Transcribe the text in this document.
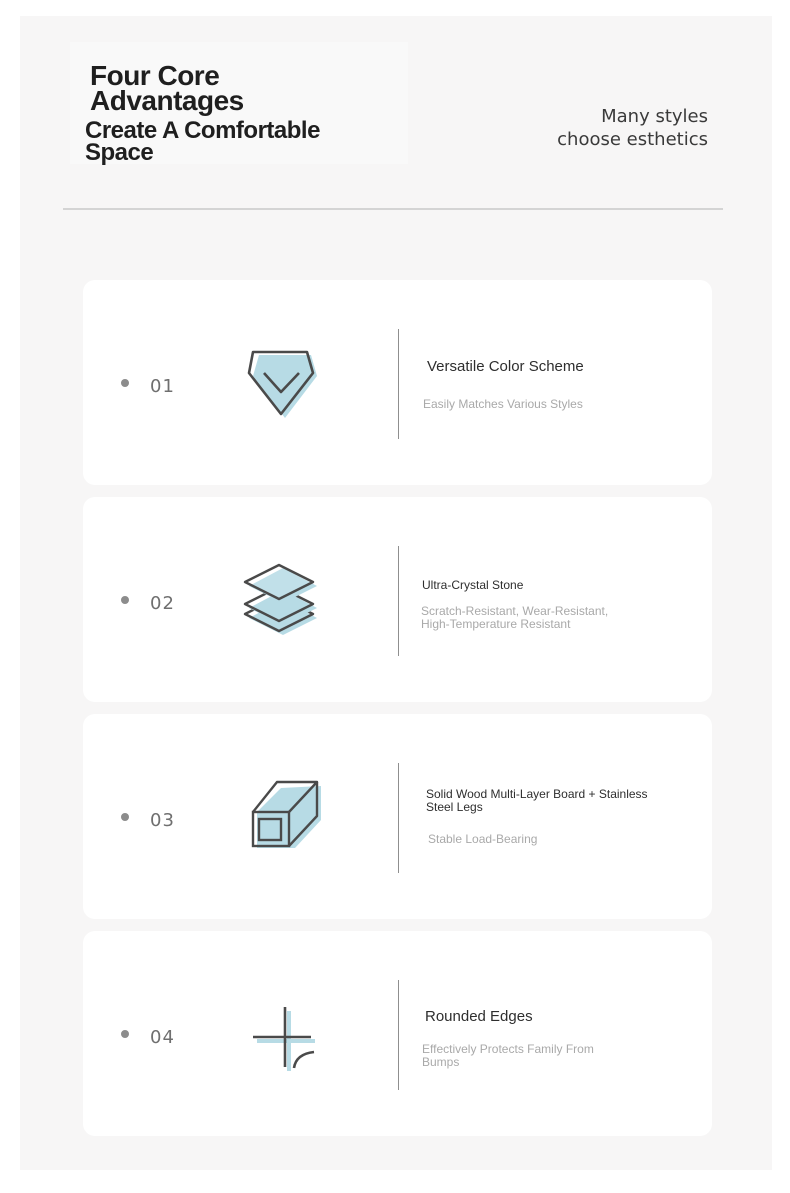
Four Core
Advantages
Create A Comfortable
Space
Many styles
choose esthetics
01
Versatile Color Scheme
Easily Matches Various Styles
02
Ultra-Crystal Stone
Scratch-Resistant, Wear-Resistant, High-Temperature Resistant
03
Solid Wood Multi-Layer Board + Stainless Steel Legs
Stable Load-Bearing
04
Rounded Edges
Effectively Protects Family From Bumps
